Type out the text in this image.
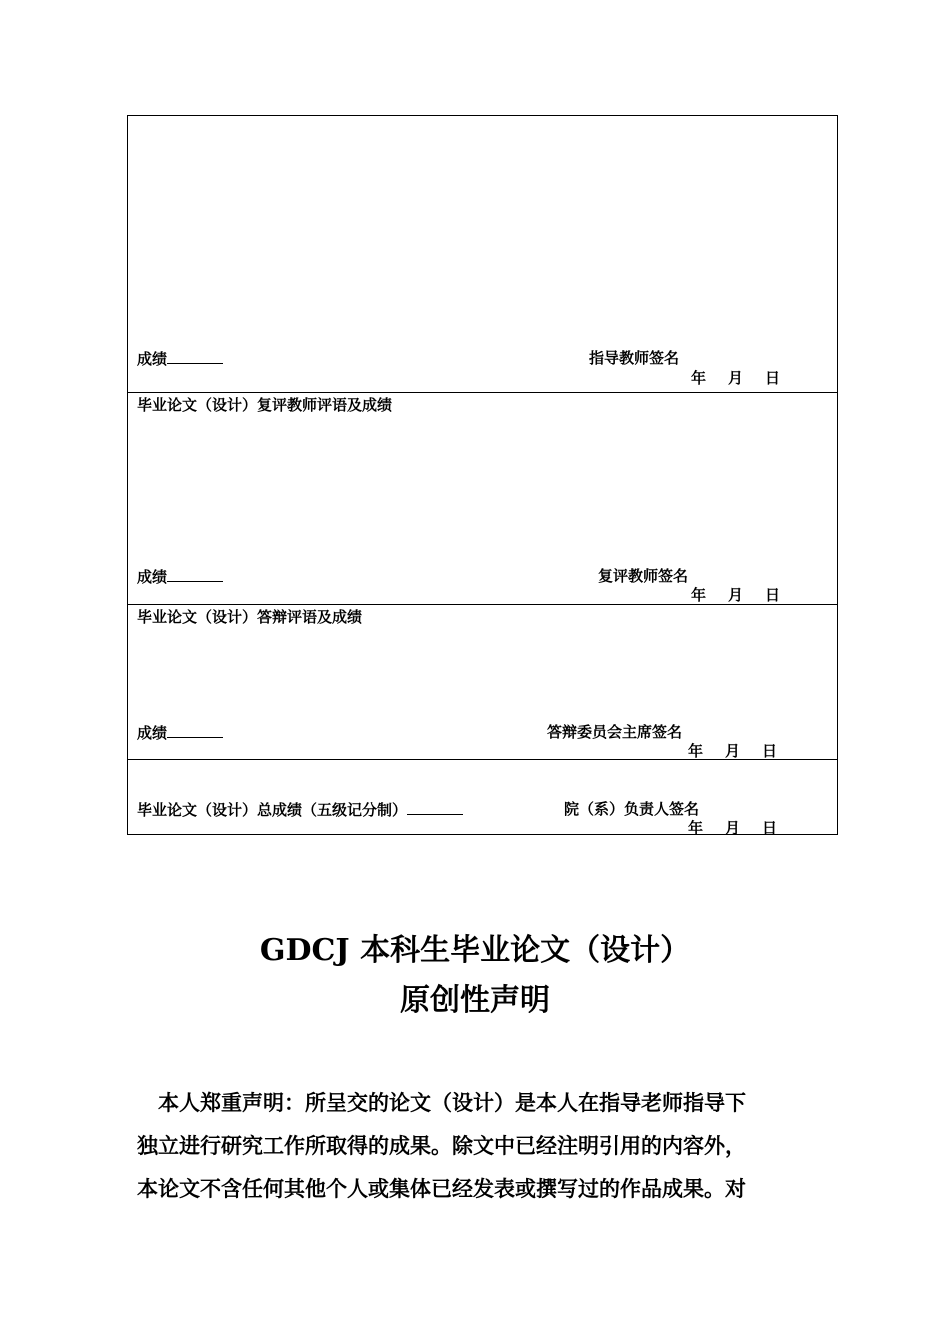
成绩	指导教师签名
年 月 日
毕业论文（设计）复评教师评语及成绩
成绩	复评教师签名
年 月 日
毕业论文（设计）答辩评语及成绩
成绩	答辩委员会主席签名
年 月 日
毕业论文（设计）总成绩（五级记分制）	院（系）负责人签名
年 月 日
GDCJ 本科生毕业论文（设计）
原创性声明
　本人郑重声明：所呈交的论文（设计）是本人在指导老师指导下
独立进行研究工作所取得的成果。除文中已经注明引用的内容外，
本论文不含任何其他个人或集体已经发表或撰写过的作品成果。对
